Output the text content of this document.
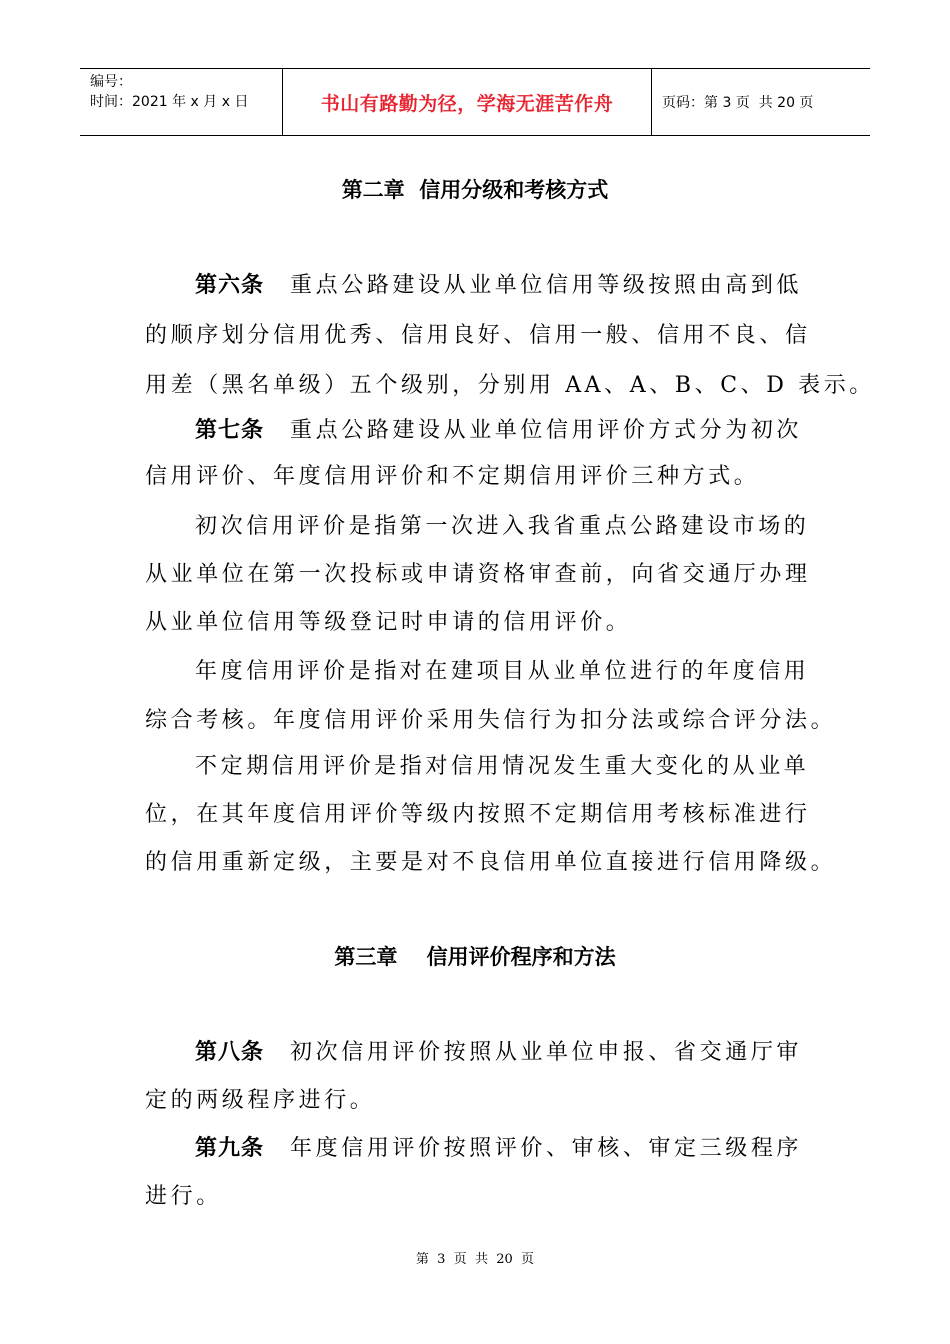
编号：
时间：2021 年 x 月 x 日	书山有路勤为径，学海无涯苦作舟	页码：第 3 页  共 20 页
第二章  信用分级和考核方式
第六条 重点公路建设从业单位信用等级按照由高到低
的顺序划分信用优秀、信用良好、信用一般、信用不良、信
用差（黑名单级）五个级别，分别用 AA、A、B、C、D 表示。
第七条 重点公路建设从业单位信用评价方式分为初次
信用评价、年度信用评价和不定期信用评价三种方式。
初次信用评价是指第一次进入我省重点公路建设市场的
从业单位在第一次投标或申请资格审查前，向省交通厅办理
从业单位信用等级登记时申请的信用评价。
年度信用评价是指对在建项目从业单位进行的年度信用
综合考核。年度信用评价采用失信行为扣分法或综合评分法。
不定期信用评价是指对信用情况发生重大变化的从业单
位，在其年度信用评价等级内按照不定期信用考核标准进行
的信用重新定级，主要是对不良信用单位直接进行信用降级。
第三章    信用评价程序和方法
第八条 初次信用评价按照从业单位申报、省交通厅审
定的两级程序进行。
第九条 年度信用评价按照评价、审核、审定三级程序
进行。
第  3  页  共  20  页
